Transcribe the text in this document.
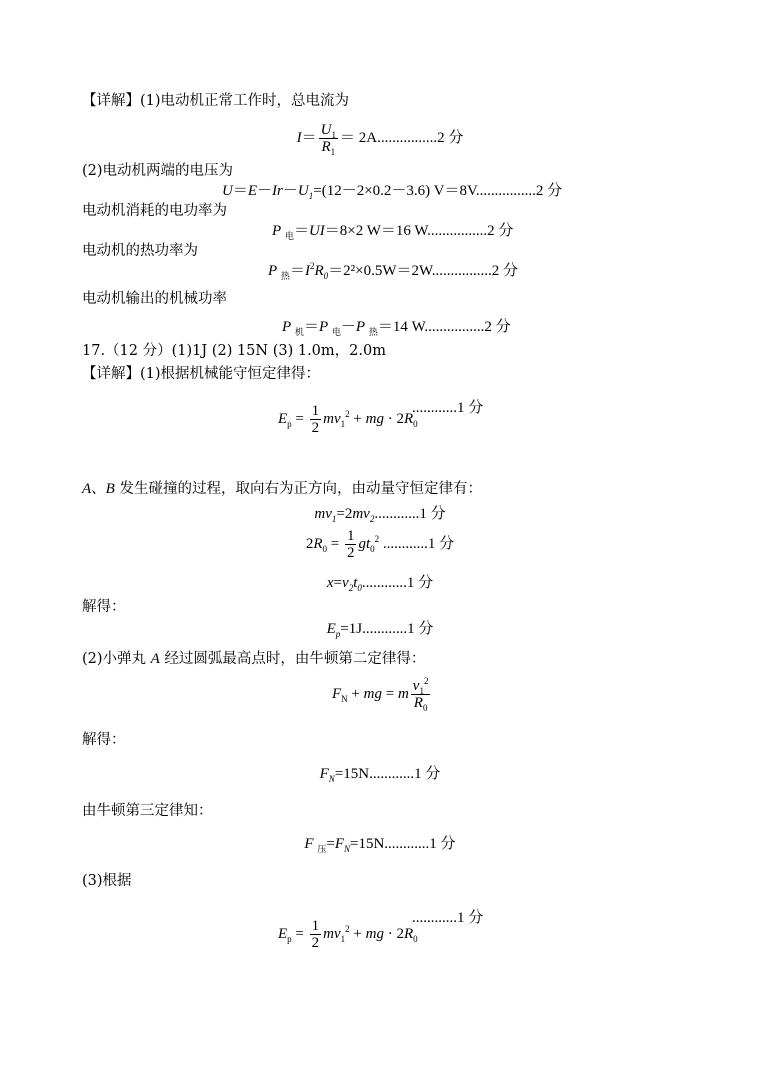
【详解】(1)电动机正常工作时，总电流为
$I= \frac{U_1}{R_1} = 2A................2$ 分
(2)电动机两端的电压为
$U=E-Ir-U_1=(12-2\times 0.2-3.6)$ V＝8V................2 分
电动机消耗的电功率为
P $_电$＝UI＝8×2 W＝16 W................2 分
电动机的热功率为
P $_热=I^2R_0=2^2\times 0.5W=2W................2$ 分
电动机输出的机械功率
P $_机$＝P $_电$－P $_热$＝14 W................2 分
17.（12 分）(1)1J (2) 15N (3) 1.0m，2.0m
【详解】(1)根据机械能守恒定律得：
$E_p = \frac{1}{2} mv_1^2$ + mg · $2R_0$
............1 分
A、B 发生碰撞的过程，取向右为正方向，由动量守恒定律有：
$mv_1=2mv_2............1$ 分
$2R_0 = \frac{1}{2} gt_0^2$ ............1 分
$x=v_2t_0............1$ 分
解得：
$E_p=1J............1$ 分
(2)小弹丸 A 经过圆弧最高点时，由牛顿第二定律得：
$F_N$ + mg = m $\frac{v_1^2}{R_0}$
解得：
$F_N=15N............1$ 分
由牛顿第三定律知：
F $_压=F_N=15N............1$ 分
(3)根据
$E_p = \frac{1}{2} mv_1^2$ + mg · $2R_0$
............1 分
